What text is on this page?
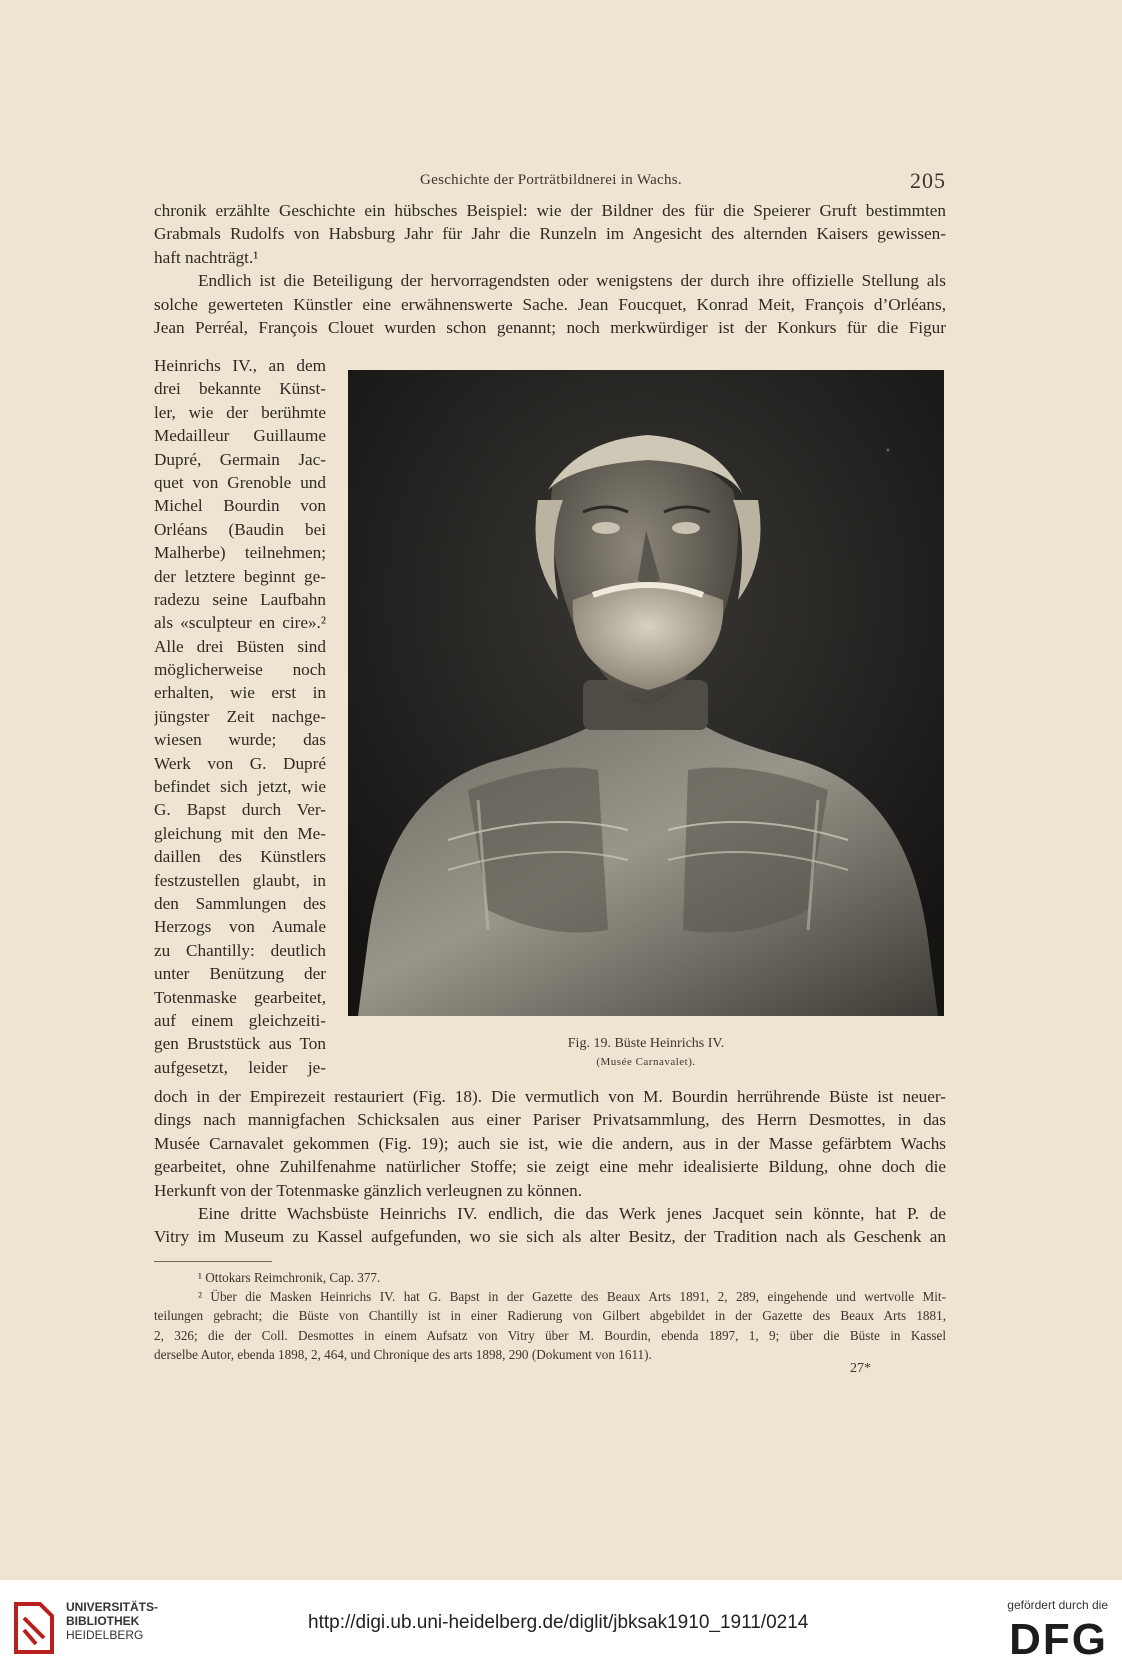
Geschichte der Porträtbildnerei in Wachs.	205
chronik erzählte Geschichte ein hübsches Beispiel: wie der Bildner des für die Speierer Gruft bestimmten
Grabmals Rudolfs von Habsburg Jahr für Jahr die Runzeln im Angesicht des alternden Kaisers gewissen-
haft nachträgt.¹
Endlich ist die Beteiligung der hervorragendsten oder wenigstens der durch ihre offizielle Stellung als
solche gewerteten Künstler eine erwähnenswerte Sache. Jean Foucquet, Konrad Meit, François d’Orléans,
Jean Perréal, François Clouet wurden schon genannt; noch merkwürdiger ist der Konkurs für die Figur
Heinrichs IV., an dem
drei bekannte Künst-
ler, wie der berühmte
Medailleur Guillaume
Dupré, Germain Jac-
quet von Grenoble und
Michel Bourdin von
Orléans (Baudin bei
Malherbe) teilnehmen;
der letztere beginnt ge-
radezu seine Laufbahn
als «sculpteur en cire».²
Alle drei Büsten sind
möglicherweise noch
erhalten, wie erst in
jüngster Zeit nachge-
wiesen wurde; das
Werk von G. Dupré
befindet sich jetzt, wie
G. Bapst durch Ver-
gleichung mit den Me-
daillen des Künstlers
festzustellen glaubt, in
den Sammlungen des
Herzogs von Aumale
zu Chantilly: deutlich
unter Benützung der
Totenmaske gearbeitet,
auf einem gleichzeiti-
gen Bruststück aus Ton
aufgesetzt, leider je-
Fig. 19. Büste Heinrichs IV.
(Musée Carnavalet).
doch in der Empirezeit restauriert (Fig. 18). Die vermutlich von M. Bourdin herrührende Büste ist neuer-
dings nach mannigfachen Schicksalen aus einer Pariser Privatsammlung, des Herrn Desmottes, in das
Musée Carnavalet gekommen (Fig. 19); auch sie ist, wie die andern, aus in der Masse gefärbtem Wachs
gearbeitet, ohne Zuhilfenahme natürlicher Stoffe; sie zeigt eine mehr idealisierte Bildung, ohne doch die
Herkunft von der Totenmaske gänzlich verleugnen zu können.
Eine dritte Wachsbüste Heinrichs IV. endlich, die das Werk jenes Jacquet sein könnte, hat P. de
Vitry im Museum zu Kassel aufgefunden, wo sie sich als alter Besitz, der Tradition nach als Geschenk an
¹ Ottokars Reimchronik, Cap. 377.
² Über die Masken Heinrichs IV. hat G. Bapst in der Gazette des Beaux Arts 1891, 2, 289, eingehende und wertvolle Mit-
teilungen gebracht; die Büste von Chantilly ist in einer Radierung von Gilbert abgebildet in der Gazette des Beaux Arts 1881,
2, 326; die der Coll. Desmottes in einem Aufsatz von Vitry über M. Bourdin, ebenda 1897, 1, 9; über die Büste in Kassel
derselbe Autor, ebenda 1898, 2, 464, und Chronique des arts 1898, 290 (Dokument von 1611).
27*
UNIVERSITÄTS-
BIBLIOTHEK
HEIDELBERG
http://digi.ub.uni-heidelberg.de/diglit/jbksak1910_1911/0214
gefördert durch die
DFG
